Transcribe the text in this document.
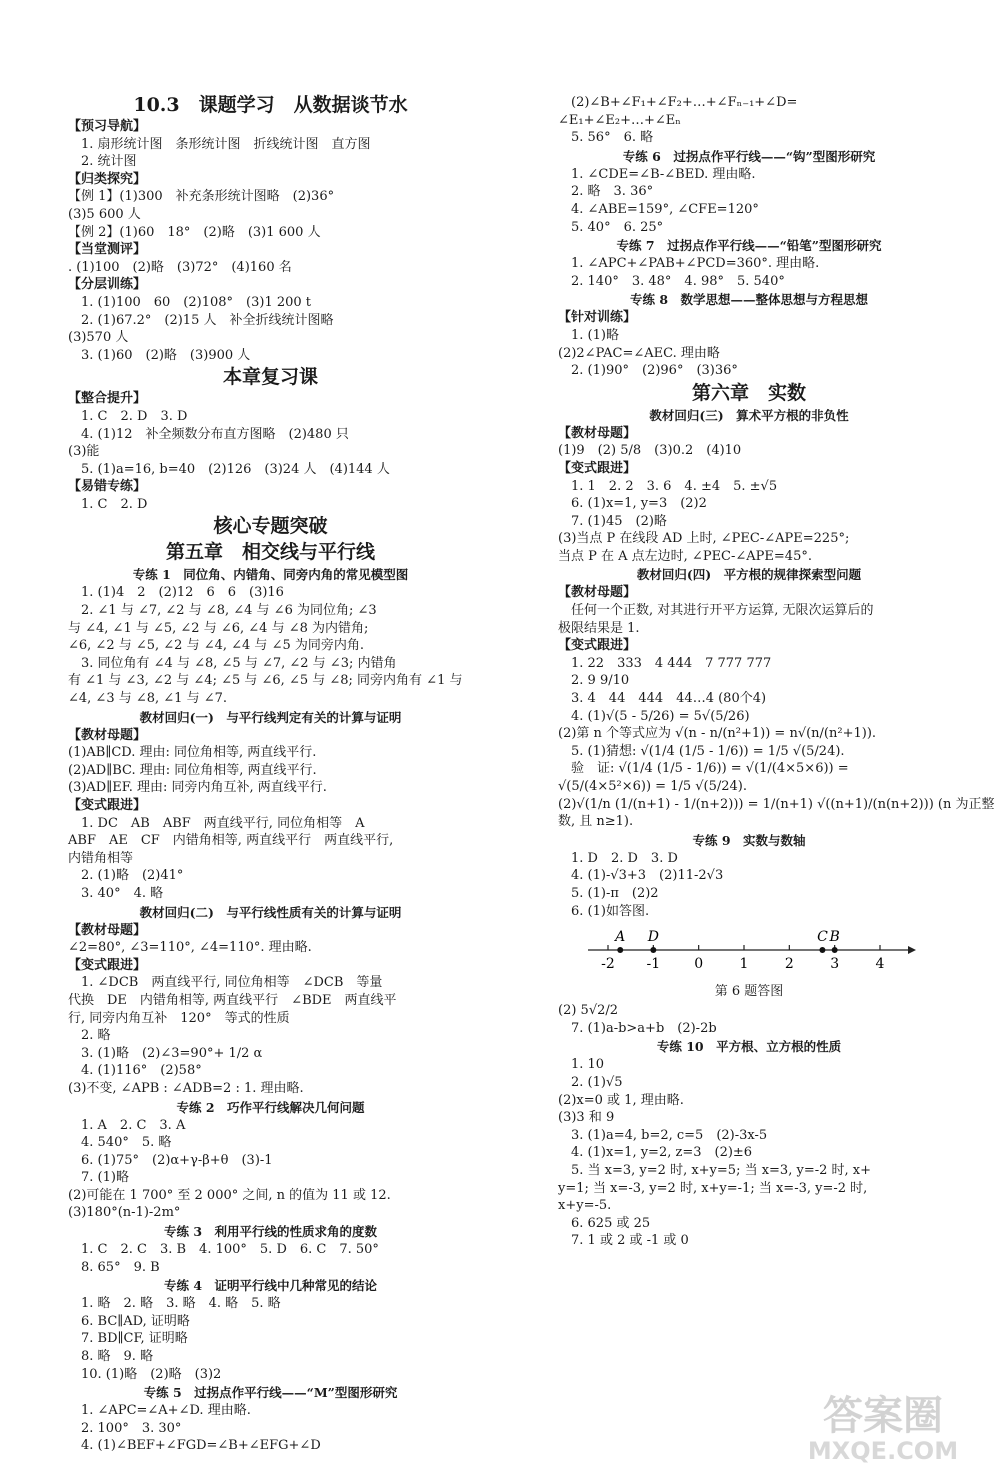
10.3　课题学习　从数据谈节水
【预习导航】
　1. 扇形统计图　条形统计图　折线统计图　直方图
　2. 统计图
【归类探究】
【例 1】(1)300　补充条形统计图略　(2)36°
(3)5 600 人
【例 2】(1)60　18°　(2)略　(3)1 600 人
【当堂测评】
. (1)100　(2)略　(3)72°　(4)160 名
【分层训练】
　1. (1)100　60　(2)108°　(3)1 200 t
　2. (1)67.2°　(2)15 人　补全折线统计图略
(3)570 人
　3. (1)60　(2)略　(3)900 人
本章复习课
【整合提升】
　1. C　2. D　3. D
　4. (1)12　补全频数分布直方图略　(2)480 只
(3)能
　5. (1)a=16, b=40　(2)126　(3)24 人　(4)144 人
【易错专练】
　1. C　2. D
核心专题突破
第五章　相交线与平行线
专练 1　同位角、内错角、同旁内角的常见模型图
　1. (1)4　2　(2)12　6　6　(3)16
　2. ∠1 与 ∠7, ∠2 与 ∠8, ∠4 与 ∠6 为同位角; ∠3
与 ∠4, ∠1 与 ∠5, ∠2 与 ∠6, ∠4 与 ∠8 为内错角;
∠6, ∠2 与 ∠5, ∠2 与 ∠4, ∠4 与 ∠5 为同旁内角.
　3. 同位角有 ∠4 与 ∠8, ∠5 与 ∠7, ∠2 与 ∠3; 内错角
有 ∠1 与 ∠3, ∠2 与 ∠4; ∠5 与 ∠6, ∠5 与 ∠8; 同旁内角有 ∠1 与
∠4, ∠3 与 ∠8, ∠1 与 ∠7.
教材回归(一)　与平行线判定有关的计算与证明
【教材母题】
(1)AB∥CD. 理由: 同位角相等, 两直线平行.
(2)AD∥BC. 理由: 同位角相等, 两直线平行.
(3)AD∥EF. 理由: 同旁内角互补, 两直线平行.
【变式跟进】
　1. DC　AB　ABF　两直线平行, 同位角相等　A
ABF　AE　CF　内错角相等, 两直线平行　两直线平行,
内错角相等
　2. (1)略　(2)41°
　3. 40°　4. 略
教材回归(二)　与平行线性质有关的计算与证明
【教材母题】
∠2=80°, ∠3=110°, ∠4=110°. 理由略.
【变式跟进】
　1. ∠DCB　两直线平行, 同位角相等　∠DCB　等量
代换　DE　内错角相等, 两直线平行　∠BDE　两直线平
行, 同旁内角互补　120°　等式的性质
　2. 略
　3. (1)略　(2)∠3=90°+ 1/2 α
　4. (1)116°　(2)58°
(3)不变, ∠APB : ∠ADB=2 : 1. 理由略.
专练 2　巧作平行线解决几何问题
　1. A　2. C　3. A
　4. 540°　5. 略
　6. (1)75°　(2)α+γ-β+θ　(3)-1
　7. (1)略
(2)可能在 1 700° 至 2 000° 之间, n 的值为 11 或 12.
(3)180°(n-1)-2m°
专练 3　利用平行线的性质求角的度数
　1. C　2. C　3. B　4. 100°　5. D　6. C　7. 50°
　8. 65°　9. B
专练 4　证明平行线中几种常见的结论
　1. 略　2. 略　3. 略　4. 略　5. 略
　6. BC∥AD, 证明略
　7. BD∥CF, 证明略
　8. 略　9. 略
　10. (1)略　(2)略　(3)2
专练 5　过拐点作平行线——“M”型图形研究
　1. ∠APC=∠A+∠D. 理由略.
　2. 100°　3. 30°
　4. (1)∠BEF+∠FGD=∠B+∠EFG+∠D
　(2)∠B+∠F₁+∠F₂+…+∠Fₙ₋₁+∠D=
∠E₁+∠E₂+…+∠Eₙ
　5. 56°　6. 略
专练 6　过拐点作平行线——“钩”型图形研究
　1. ∠CDE=∠B-∠BED. 理由略.
　2. 略　3. 36°
　4. ∠ABE=159°, ∠CFE=120°
　5. 40°　6. 25°
专练 7　过拐点作平行线——“铅笔”型图形研究
　1. ∠APC+∠PAB+∠PCD=360°. 理由略.
　2. 140°　3. 48°　4. 98°　5. 540°
专练 8　数学思想——整体思想与方程思想
【针对训练】
　1. (1)略
(2)2∠PAC=∠AEC. 理由略
　2. (1)90°　(2)96°　(3)36°
第六章　实数
教材回归(三)　算术平方根的非负性
【教材母题】
(1)9　(2) 5/8　(3)0.2　(4)10
【变式跟进】
　1. 1　2. 2　3. 6　4. ±4　5. ±√5
　6. (1)x=1, y=3　(2)2
　7. (1)45　(2)略
(3)当点 P 在线段 AD 上时, ∠PEC-∠APE=225°;
当点 P 在 A 点左边时, ∠PEC-∠APE=45°.
教材回归(四)　平方根的规律探索型问题
【教材母题】
　任何一个正数, 对其进行开平方运算, 无限次运算后的
极限结果是 1.
【变式跟进】
　1. 22　333　4 444　7 777 777
　2. 9 9/10
　3. 4　44　444　44…4 (80个4)
　4. (1)√(5 - 5/26) = 5√(5/26)
(2)第 n 个等式应为 √(n - n/(n²+1)) = n√(n/(n²+1)).
　5. (1)猜想: √(1/4 (1/5 - 1/6)) = 1/5 √(5/24).
　验　证: √(1/4 (1/5 - 1/6)) = √(1/(4×5×6)) =
√(5/(4×5²×6)) = 1/5 √(5/24).
(2)√(1/n (1/(n+1) - 1/(n+2))) = 1/(n+1) √((n+1)/(n(n+2))) (n 为正整
数, 且 n≥1).
专练 9　实数与数轴
　1. D　2. D　3. D
　4. (1)-√3+3　(2)11-2√3
　5. (1)-π　(2)2
　6. (1)如答图.
-2 -1 0	1	2	3	4
A D	C B
第 6 题答图
(2) 5√2/2
　7. (1)a-b>a+b　(2)-2b
专练 10　平方根、立方根的性质
　1. 10
　2. (1)√5
(2)x=0 或 1, 理由略.
(3)3 和 9
　3. (1)a=4, b=2, c=5　(2)-3x-5
　4. (1)x=1, y=2, z=3　(2)±6
　5. 当 x=3, y=2 时, x+y=5; 当 x=3, y=-2 时, x+
y=1; 当 x=-3, y=2 时, x+y=-1; 当 x=-3, y=-2 时,
x+y=-5.
　6. 625 或 25
　7. 1 或 2 或 -1 或 0
答案圈
MXQE.COM
